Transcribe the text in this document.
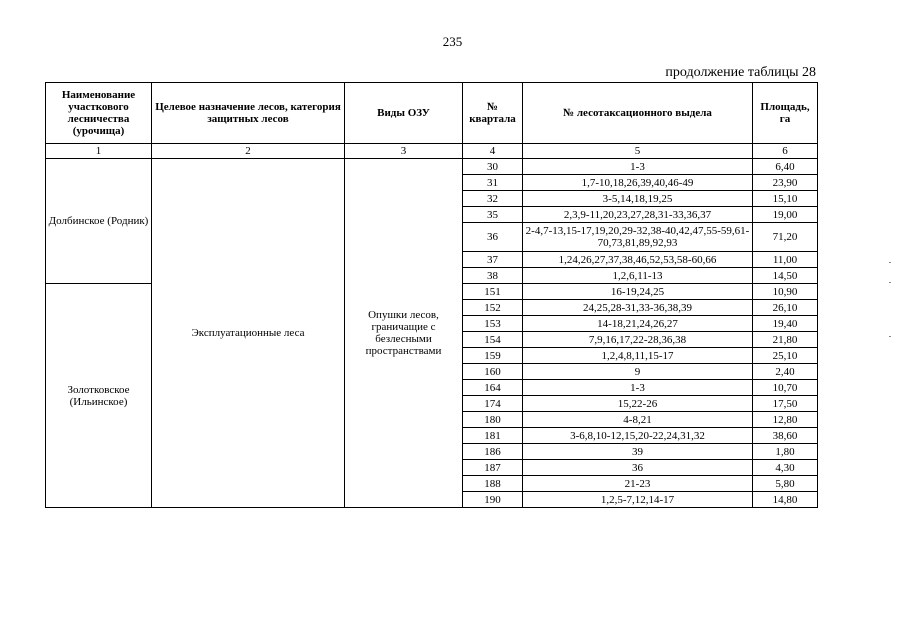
235
продолжение таблицы 28
Наименование участкового лесничества (урочища)	Целевое назначение лесов, категория защитных лесов	Виды ОЗУ	№ квартала	№ лесотаксационного выдела	Площадь, га
1	2	3	4	5	6
Долбинское (Родник)	Эксплуатационные леса	Опушки лесов, граничащие с безлесными пространствами	30	1-3	6,40
			31	1,7-10,18,26,39,40,46-49	23,90
			32	3-5,14,18,19,25	15,10
			35	2,3,9-11,20,23,27,28,31-33,36,37	19,00
			36	2-4,7-13,15-17,19,20,29-32,38-40,42,47,55-59,61-70,73,81,89,92,93	71,20
			37	1,24,26,27,37,38,46,52,53,58-60,66	11,00
			38	1,2,6,11-13	14,50
Золотковское (Ильинское)			151	16-19,24,25	10,90
			152	24,25,28-31,33-36,38,39	26,10
			153	14-18,21,24,26,27	19,40
			154	7,9,16,17,22-28,36,38	21,80
			159	1,2,4,8,11,15-17	25,10
			160	9	2,40
			164	1-3	10,70
			174	15,22-26	17,50
			180	4-8,21	12,80
			181	3-6,8,10-12,15,20-22,24,31,32	38,60
			186	39	1,80
			187	36	4,30
			188	21-23	5,80
			190	1,2,5-7,12,14-17	14,80
